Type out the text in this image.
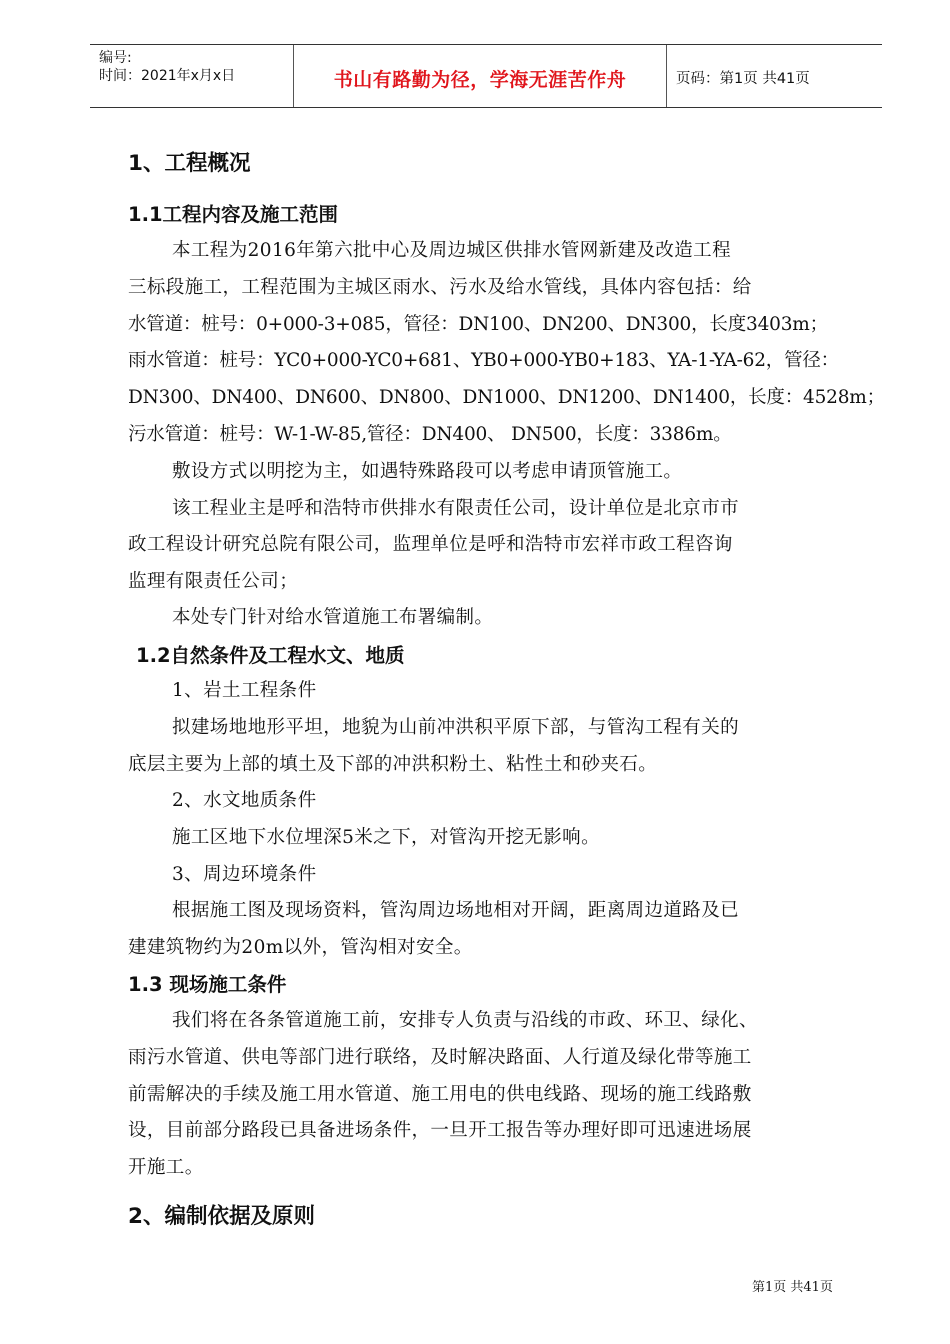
编号:
时间：2021年x月x日	书山有路勤为径，学海无涯苦作舟	页码：第1页 共41页
1、工程概况
1.1工程内容及施工范围
本工程为2016年第六批中心及周边城区供排水管网新建及改造工程
三标段施工，工程范围为主城区雨水、污水及给水管线，具体内容包括：给
水管道：桩号：0+000-3+085，管径：DN100、DN200、DN300，长度3403m；
雨水管道：桩号：YC0+000-YC0+681、YB0+000-YB0+183、YA-1-YA-62，管径：
DN300、DN400、DN600、DN800、DN1000、DN1200、DN1400，长度：4528m；
污水管道：桩号：W-1-W-85,管径：DN400、 DN500，长度：3386m。
敷设方式以明挖为主，如遇特殊路段可以考虑申请顶管施工。
该工程业主是呼和浩特市供排水有限责任公司，设计单位是北京市市
政工程设计研究总院有限公司，监理单位是呼和浩特市宏祥市政工程咨询
监理有限责任公司；
本处专门针对给水管道施工布署编制。
1.2自然条件及工程水文、地质
1、岩土工程条件
拟建场地地形平坦，地貌为山前冲洪积平原下部，与管沟工程有关的
底层主要为上部的填土及下部的冲洪积粉土、粘性土和砂夹石。
2、水文地质条件
施工区地下水位埋深5米之下，对管沟开挖无影响。
3、周边环境条件
根据施工图及现场资料，管沟周边场地相对开阔，距离周边道路及已
建建筑物约为20m以外，管沟相对安全。
1.3 现场施工条件
我们将在各条管道施工前，安排专人负责与沿线的市政、环卫、绿化、
雨污水管道、供电等部门进行联络，及时解决路面、人行道及绿化带等施工
前需解决的手续及施工用水管道、施工用电的供电线路、现场的施工线路敷
设，目前部分路段已具备进场条件，一旦开工报告等办理好即可迅速进场展
开施工。
2、编制依据及原则
第1页 共41页
